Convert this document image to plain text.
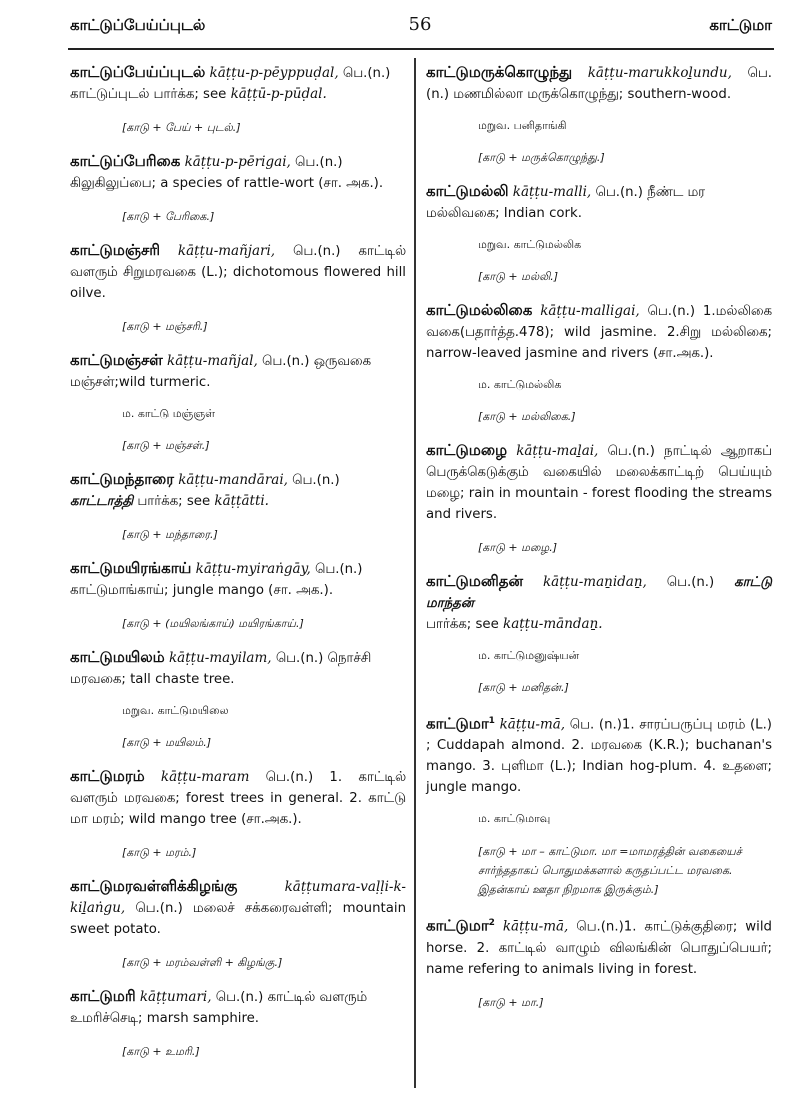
காட்டுப்பேய்ப்புடல்	56	காட்டுமா
காட்டுப்பேய்ப்புடல் kāṭṭu-p-pēyppuḍal, பெ.(n.)
காட்டுப்புடல் பார்க்க; see kāṭṭū-p-pūḍal.
[காடு + பேய் + புடல்.]
காட்டுப்பேரிகை kāṭṭu-p-pērigai, பெ.(n.)
கிலுகிலுப்பை; a species of rattle-wort (சா. அக.).
[காடு + பேரிகை.]
காட்டுமஞ்சரி kāṭṭu-mañjari, பெ.(n.) காட்டில் வளரும் சிறுமரவகை (L.); dichotomous flowered hill oilve.
[காடு + மஞ்சரி.]
காட்டுமஞ்சள் kāṭṭu-mañjal, பெ.(n.) ஒருவகை
மஞ்சள்;wild turmeric.
ம. காட்டு மஞ்ஞள்
[காடு + மஞ்சள்.]
காட்டுமந்தாரை kāṭṭu-mandārai, பெ.(n.)
காட்டாத்தி பார்க்க; see kāṭṭātti.
[காடு + மந்தாரை.]
காட்டுமயிரங்காய் kāṭṭu-myiraṅgāy, பெ.(n.)
காட்டுமாங்காய்; jungle mango (சா. அக.).
[காடு + (மயிலங்காய்) மயிரங்காய்.]
காட்டுமயிலம் kāṭṭu-mayilam, பெ.(n.) நொச்சி
மரவகை; tall chaste tree.
மறுவ. காட்டுமயிலை
[காடு + மயிலம்.]
காட்டுமரம் kāṭṭu-maram பெ.(n.) 1. காட்டில் வளரும் மரவகை; forest trees in general. 2. காட்டு மா மரம்; wild mango tree (சா.அக.).
[காடு + மரம்.]
காட்டுமரவள்ளிக்கிழங்கு	kāṭṭumara-vaḷḷi-k-kiḻaṅgu, பெ.(n.) மலைச் சக்கரைவள்ளி; mountain sweet potato.
[காடு + மரம்வள்ளி + கிழங்கு.]
காட்டுமரி kāṭṭumari, பெ.(n.) காட்டில் வளரும்
உமரிச்செடி; marsh samphire.
[காடு + உமரி.]
காட்டுமருக்கொழுந்து kāṭṭu-marukkoḻundu, பெ.(n.) மணமில்லா மருக்கொழுந்து; southern-wood.
மறுவ. பனிதாங்கி
[காடு + மருக்கொழுந்து.]
காட்டுமல்லி kāṭṭu-malli, பெ.(n.) நீண்ட மர
மல்லிவகை; Indian cork.
மறுவ. காட்டுமல்லிக
[காடு + மல்லி.]
காட்டுமல்லிகை kāṭṭu-malligai, பெ.(n.) 1.மல்லிகை வகை(பதார்த்த.478); wild jasmine. 2.சிறு மல்லிகை; narrow-leaved jasmine and rivers (சா.அக.).
ம. காட்டுமல்லிக
[காடு + மல்லிகை.]
காட்டுமழை kāṭṭu-maḻai, பெ.(n.) நாட்டில் ஆறாகப் பெருக்கெடுக்கும் வகையில் மலைக்காட்டிற் பெய்யும் மழை; rain in mountain - forest flooding the streams and rivers.
[காடு + மழை.]
காட்டுமனிதன் kāṭṭu-maṉidaṉ, பெ.(n.) காட்டு மாந்தன்
பார்க்க; see kaṭṭu-māndaṉ.
ம. காட்டுமனுஷ்யன்
[காடு + மனிதன்.]
காட்டுமா$^1$ kāṭṭu-mā, பெ. (n.)1. சாரப்பருப்பு மரம் (L.) ; Cuddapah almond. 2. மரவகை (K.R.); buchanan's mango. 3. புளிமா (L.); Indian hog-plum. 4. உதளை; jungle mango.
ம. காட்டுமாவு
[காடு + மா – காட்டுமா. மா =மாமரத்தின் வகையைச் சார்ந்ததாகப் பொதுமக்களால் கருதப்பட்ட மரவகை. இதன்காய் ஊதா நிறமாக இருக்கும்.]
காட்டுமா$^2$ kāṭṭu-mā, பெ.(n.)1. காட்டுக்குதிரை; wild horse. 2. காட்டில் வாழும் விலங்கின் பொதுப்பெயர்; name refering to animals living in forest.
[காடு + மா.]
